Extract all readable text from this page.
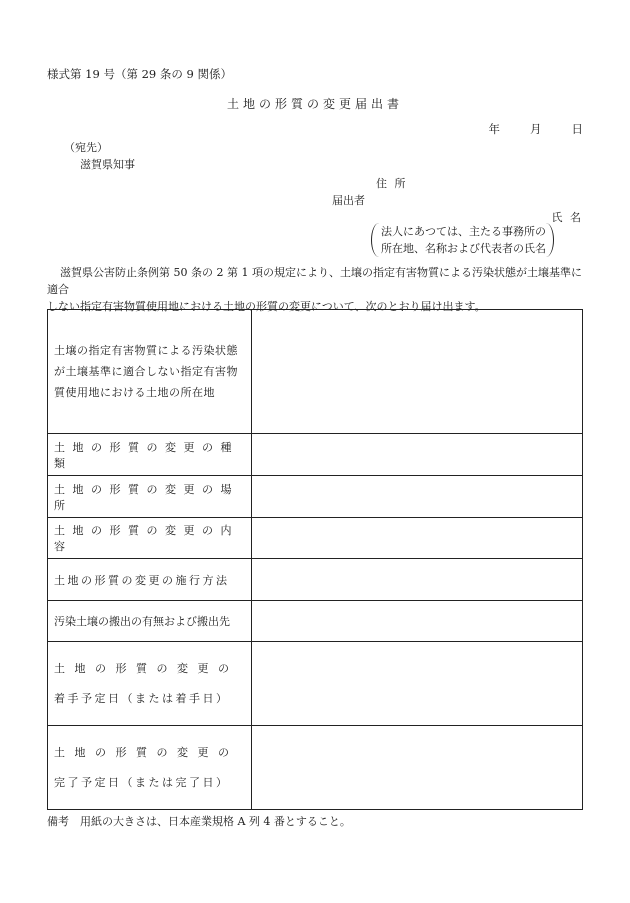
様式第 19 号（第 29 条の 9 関係）
土地の形質の変更届出書
年	月	日
（宛先）
滋賀県知事
住 所
届出者
氏 名
法人にあつては、主たる事務所の
所在地、名称および代表者の氏名

滋賀県公害防止条例第 50 条の 2 第 1 項の規定により、土壌の指定有害物質による汚染状態が土壌基準に適合

しない指定有害物質使用地における土地の形質の変更について、次のとおり届け出ます。

土壌の指定有害物質による汚染状態
が土壌基準に適合しない指定有害物
質使用地における土地の所在地	

土地の形質の変更の種類	
土地の形質の変更の場所	
土地の形質の変更の内容	
土地の形質の変更の施行方法	
汚染土壌の搬出の有無および搬出先	

土地の形質の変更の
着手予定日（または着手日）	

土地の形質の変更の
完了予定日（または完了日）	

備考　用紙の大きさは、日本産業規格 A 列 4 番とすること。
